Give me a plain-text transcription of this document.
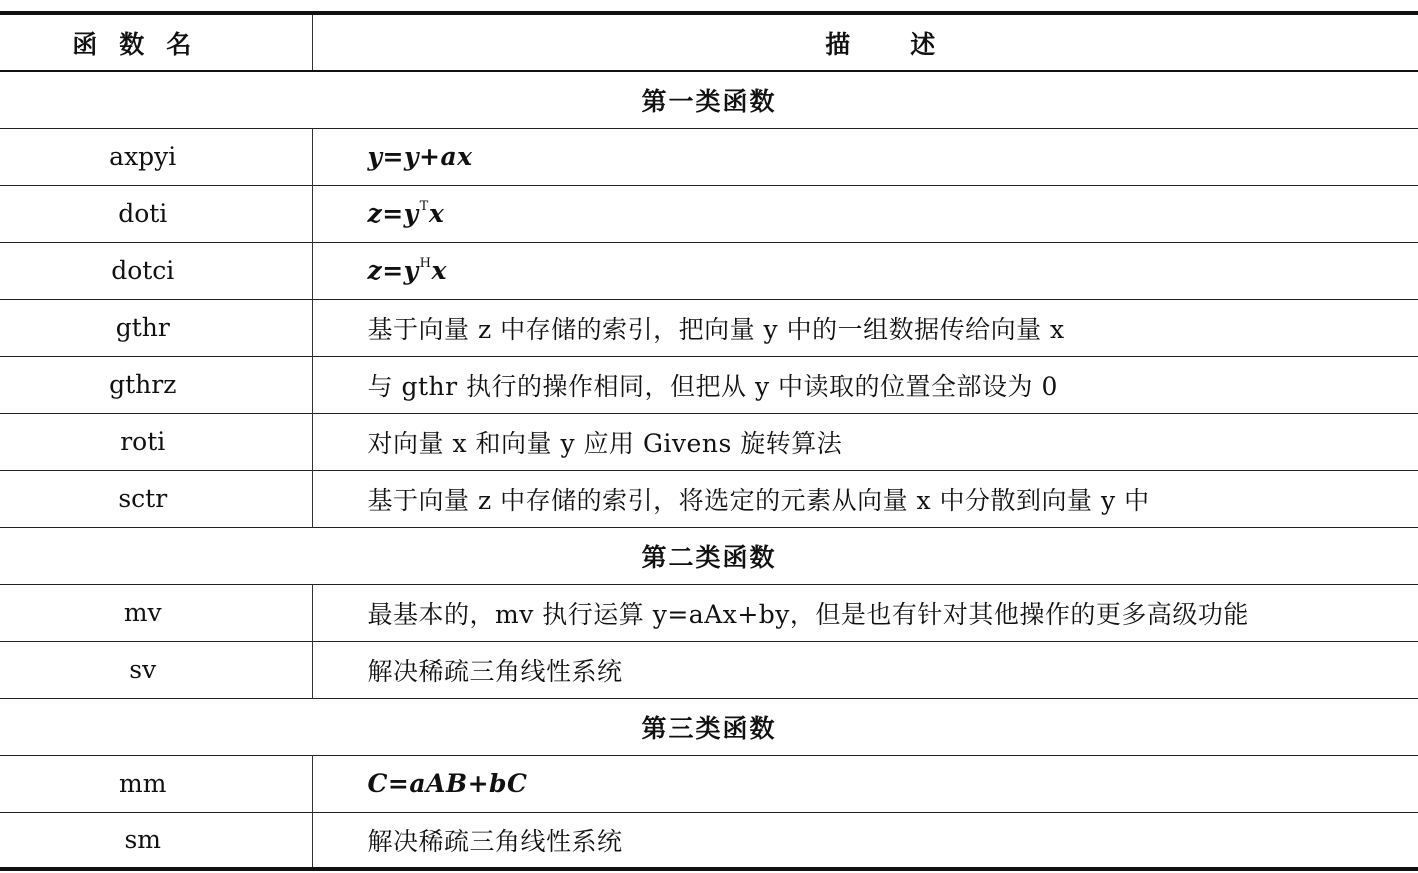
函数名	描述
第一类函数	
axpyi	y=y+ax
doti	$z=y^Tx$
dotci	$z=y^Hx$
gthr	基于向量 z 中存储的索引，把向量 y 中的一组数据传给向量 x
gthrz	与 gthr 执行的操作相同，但把从 y 中读取的位置全部设为 0
roti	对向量 x 和向量 y 应用 Givens 旋转算法
sctr	基于向量 z 中存储的索引，将选定的元素从向量 x 中分散到向量 y 中
第二类函数	
mv	最基本的，mv 执行运算 y=aAx+by，但是也有针对其他操作的更多高级功能
sv	解决稀疏三角线性系统
第三类函数	
mm	C=aAB+bC
sm	解决稀疏三角线性系统
